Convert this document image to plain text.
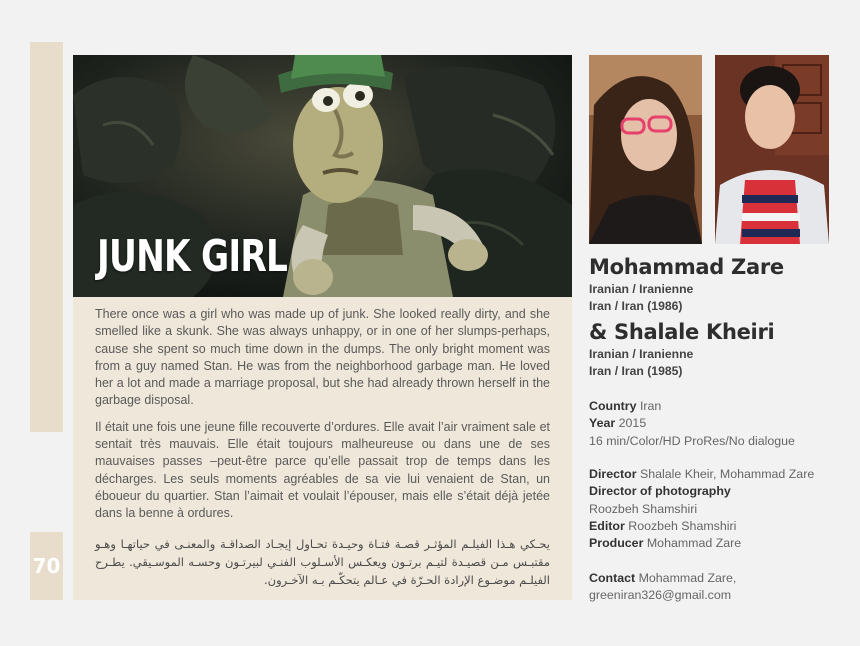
70
JUNK GIRL

There once was a girl who was made up of junk. She looked really dirty, and she smelled like a skunk. She was always unhappy, or in one of her slumps-perhaps, cause she spent so much time down in the dumps. The only bright moment was from a guy named Stan. He was from the neighborhood garbage man. He loved her a lot and made a marriage proposal, but she had already thrown herself in the garbage disposal.

Il était une fois une jeune fille recouverte d’ordures. Elle avait l’air vraiment sale et sentait très mauvais. Elle était toujours malheureuse ou dans une de ses mauvaises passes –peut-être parce qu’elle passait trop de temps dans les décharges. Les seuls moments agréables de sa vie lui venaient de Stan, un éboueur du quartier. Stan l’aimait et voulait l’épouser, mais elle s’était déjà jetée dans la benne à ordures.

يحـكي هـذا الفيلـم المؤثـر قصـة فتـاة وحيـدة تحـاول إيجـاد الصداقـة والمعنـى في حياتهـا وهـو مقتبـس مـن قصيـدة لتيـم برتـون ويعكـس الأسـلوب الفنـي لبيرتـون وحسـه الموسـيقي. يطـرح الفيلـم موضـوع الإرادة الحـرّة في عـالم يتحكّـم بـه الآخـرون.

Mohammad Zare
Iranian / Iranienne
Iran / Iran (1986)
& Shalale Kheiri
Iranian / Iranienne
Iran / Iran (1985)
Country Iran
Year 2015
16 min/Color/HD ProRes/No dialogue
Director Shalale Kheir, Mohammad Zare
Director of photography
Roozbeh Shamshiri
Editor Roozbeh Shamshiri
Producer Mohammad Zare
Contact Mohammad Zare,
greeniran326@gmail.com
